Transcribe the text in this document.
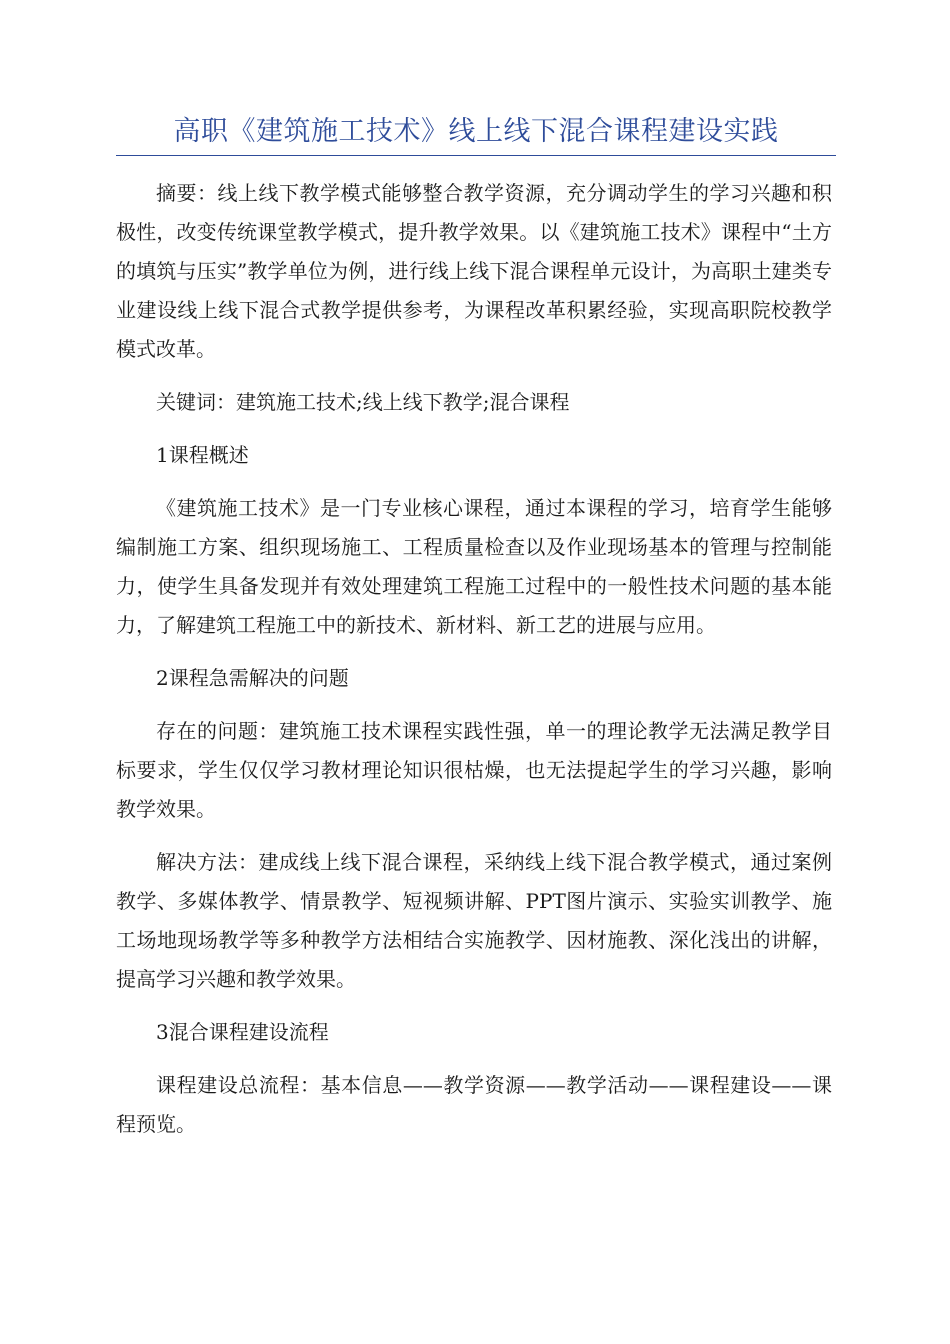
高职《建筑施工技术》线上线下混合课程建设实践

摘要：线上线下教学模式能够整合教学资源，充分调动学生的学习兴趣和积极性，改变传统课堂教学模式，提升教学效果。以《建筑施工技术》课程中“土方的填筑与压实”教学单位为例，进行线上线下混合课程单元设计，为高职土建类专业建设线上线下混合式教学提供参考，为课程改革积累经验，实现高职院校教学模式改革。

关键词：建筑施工技术;线上线下教学;混合课程

1课程概述

《建筑施工技术》是一门专业核心课程，通过本课程的学习，培育学生能够编制施工方案、组织现场施工、工程质量检查以及作业现场基本的管理与控制能力，使学生具备发现并有效处理建筑工程施工过程中的一般性技术问题的基本能力，了解建筑工程施工中的新技术、新材料、新工艺的进展与应用。

2课程急需解决的问题

存在的问题：建筑施工技术课程实践性强，单一的理论教学无法满足教学目标要求，学生仅仅学习教材理论知识很枯燥，也无法提起学生的学习兴趣，影响教学效果。

解决方法：建成线上线下混合课程，采纳线上线下混合教学模式，通过案例教学、多媒体教学、情景教学、短视频讲解、PPT图片演示、实验实训教学、施工场地现场教学等多种教学方法相结合实施教学、因材施教、深化浅出的讲解，提高学习兴趣和教学效果。

3混合课程建设流程

课程建设总流程：基本信息——教学资源——教学活动——课程建设——课程预览。
